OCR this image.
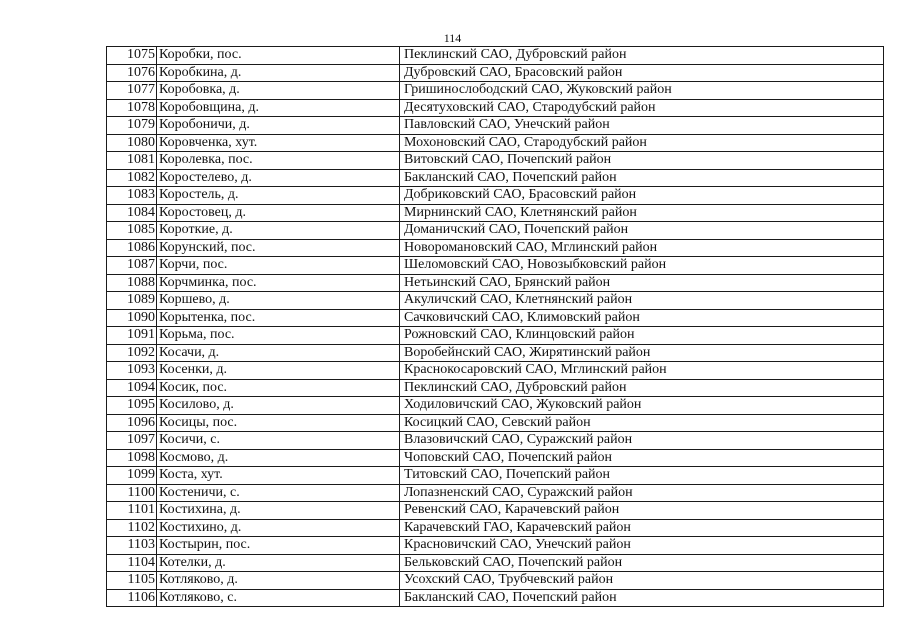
114
1075	Коробки, пос.	Пеклинский САО, Дубровский район
1076	Коробкина, д.	Дубровский САО, Брасовский район
1077	Коробовка, д.	Гришинослободский САО, Жуковский район
1078	Коробовщина, д.	Десятуховский САО, Стародубский район
1079	Коробоничи, д.	Павловский САО, Унечский район
1080	Коровченка, хут.	Мохоновский САО, Стародубский район
1081	Королевка, пос.	Витовский САО, Почепский район
1082	Коростелево, д.	Бакланский САО, Почепский район
1083	Коростель, д.	Добриковский САО, Брасовский район
1084	Коростовец, д.	Мирнинский САО, Клетнянский район
1085	Короткие, д.	Доманичский САО, Почепский район
1086	Корунский, пос.	Новоромановский САО, Мглинский район
1087	Корчи, пос.	Шеломовский САО, Новозыбковский район
1088	Корчминка, пос.	Нетьинский САО, Брянский район
1089	Коршево, д.	Акуличский САО, Клетнянский район
1090	Корытенка, пос.	Сачковичский САО, Климовский район
1091	Корьма, пос.	Рожновский САО, Клинцовский район
1092	Косачи, д.	Воробейнский САО, Жирятинский район
1093	Косенки, д.	Краснокосаровский САО, Мглинский район
1094	Косик, пос.	Пеклинский САО, Дубровский район
1095	Косилово, д.	Ходиловичский САО, Жуковский район
1096	Косицы, пос.	Косицкий САО, Севский район
1097	Косичи, с.	Влазовичский САО, Суражский район
1098	Космово, д.	Чоповский САО, Почепский район
1099	Коста, хут.	Титовский САО, Почепский район
1100	Костеничи, с.	Лопазненский САО, Суражский район
1101	Костихина, д.	Ревенский САО, Карачевский район
1102	Костихино, д.	Карачевский ГАО, Карачевский район
1103	Костырин, пос.	Красновичский САО, Унечский район
1104	Котелки, д.	Бельковский САО, Почепский район
1105	Котляково, д.	Усохский САО, Трубчевский район
1106	Котляково, с.	Бакланский САО, Почепский район
